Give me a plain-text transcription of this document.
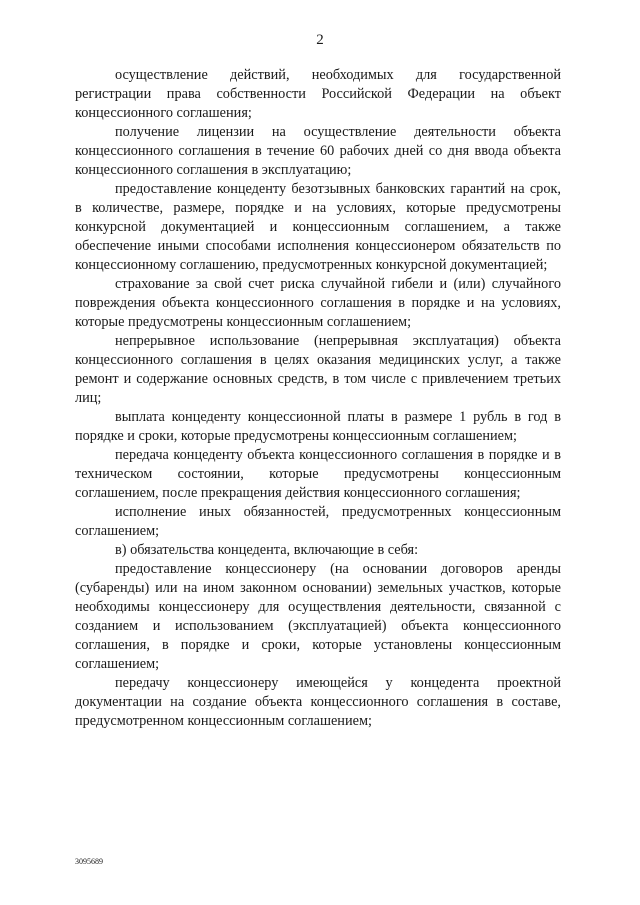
2

осуществление действий, необходимых для государственной регистрации права собственности Российской Федерации на объект концессионного соглашения;

получение лицензии на осуществление деятельности объекта концессионного соглашения в течение 60 рабочих дней со дня ввода объекта концессионного соглашения в эксплуатацию;

предоставление концеденту безотзывных банковских гарантий на срок, в количестве, размере, порядке и на условиях, которые предусмотрены конкурсной документацией и концессионным соглашением, а также обеспечение иными способами исполнения концессионером обязательств по концессионному соглашению, предусмотренных конкурсной документацией;

страхование за свой счет риска случайной гибели и (или) случайного повреждения объекта концессионного соглашения в порядке и на условиях, которые предусмотрены концессионным соглашением;

непрерывное использование (непрерывная эксплуатация) объекта концессионного соглашения в целях оказания медицинских услуг, а также ремонт и содержание основных средств, в том числе с привлечением третьих лиц;

выплата концеденту концессионной платы в размере 1 рубль в год в порядке и сроки, которые предусмотрены концессионным соглашением;

передача концеденту объекта концессионного соглашения в порядке и в техническом состоянии, которые предусмотрены концессионным соглашением, после прекращения действия концессионного соглашения;

исполнение иных обязанностей, предусмотренных концессионным соглашением;

в) обязательства концедента, включающие в себя:

предоставление концессионеру (на основании договоров аренды (субаренды) или на ином законном основании) земельных участков, которые необходимы концессионеру для осуществления деятельности, связанной с созданием и использованием (эксплуатацией) объекта концессионного соглашения, в порядке и сроки, которые установлены концессионным соглашением;

передачу концессионеру имеющейся у концедента проектной документации на создание объекта концессионного соглашения в составе, предусмотренном концессионным соглашением;

3095689
